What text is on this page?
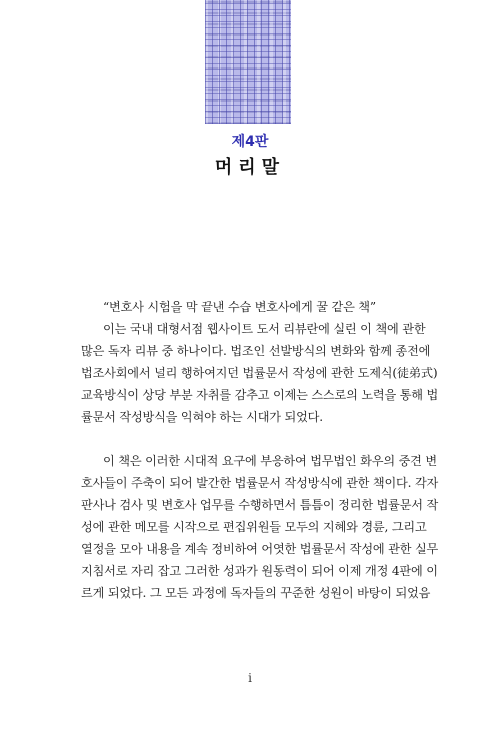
제4판
머리말
“변호사 시험을 막 끝낸 수습 변호사에게 꿀 같은 책”
이는 국내 대형서점 웹사이트 도서 리뷰란에 실린 이 책에 관한
많은 독자 리뷰 중 하나이다. 법조인 선발방식의 변화와 함께 종전에
법조사회에서 널리 행하여지던 법률문서 작성에 관한 도제식(徒弟式)
교육방식이 상당 부분 자취를 감추고 이제는 스스로의 노력을 통해 법
률문서 작성방식을 익혀야 하는 시대가 되었다.
이 책은 이러한 시대적 요구에 부응하여 법무법인 화우의 중견 변
호사들이 주축이 되어 발간한 법률문서 작성방식에 관한 책이다. 각자
판사나 검사 및 변호사 업무를 수행하면서 틈틈이 정리한 법률문서 작
성에 관한 메모를 시작으로 편집위원들 모두의 지혜와 경륜, 그리고
열정을 모아 내용을 계속 정비하여 어엿한 법률문서 작성에 관한 실무
지침서로 자리 잡고 그러한 성과가 원동력이 되어 이제 개정 4판에 이
르게 되었다. 그 모든 과정에 독자들의 꾸준한 성원이 바탕이 되었음
i
